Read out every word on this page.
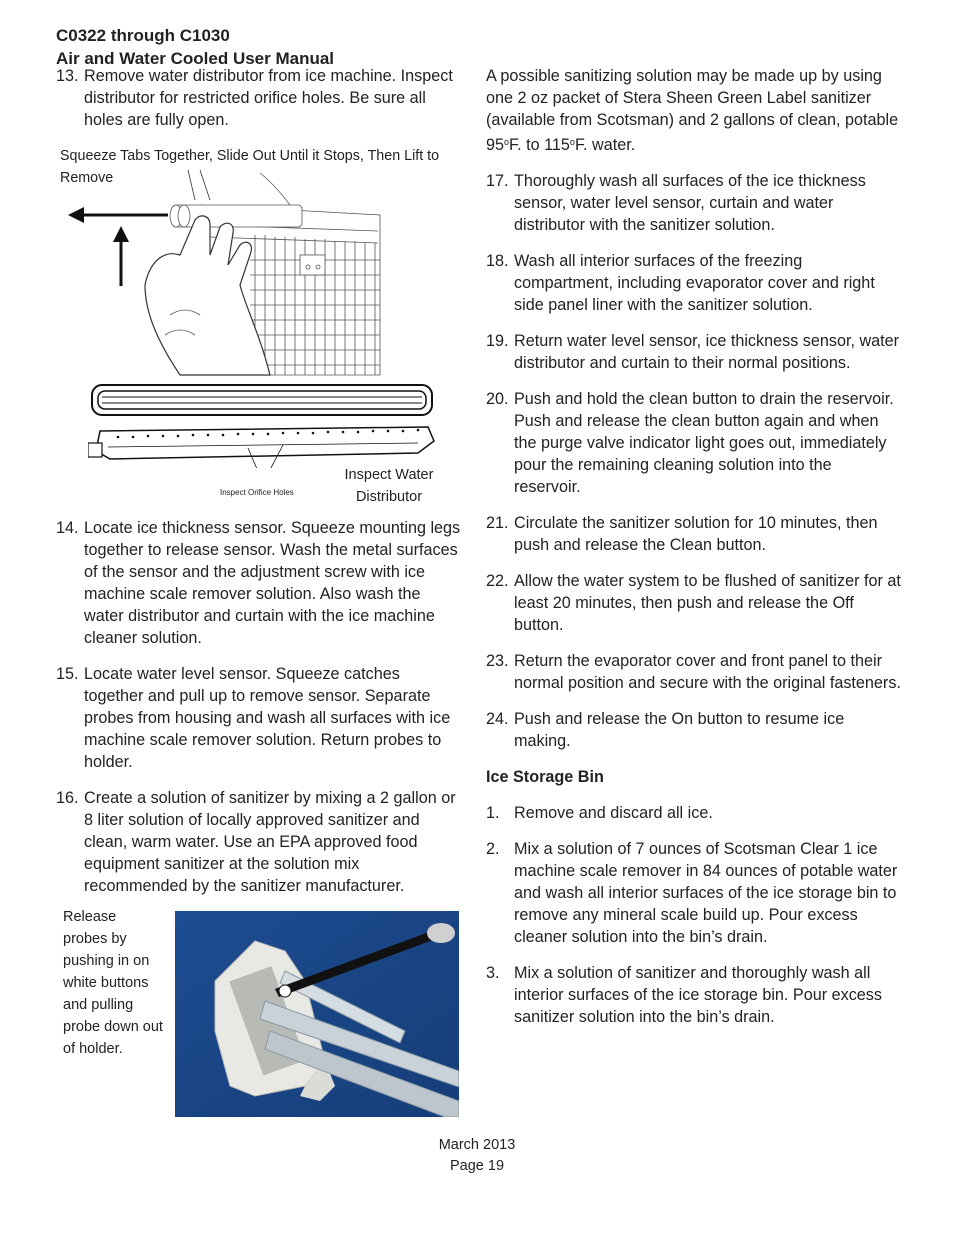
C0322 through C1030
Air and Water Cooled User Manual
13. Remove water distributor from ice machine. Inspect distributor for restricted orifice holes. Be sure all holes are fully open.
Squeeze Tabs Together, Slide Out Until it Stops, Then Lift to Remove
Inspect Water Distributor
Inspect Orifice Holes
14. Locate ice thickness sensor. Squeeze mounting legs together to release sensor. Wash the metal surfaces of the sensor and the adjustment screw with ice machine scale remover solution. Also wash the water distributor and curtain with the ice machine cleaner solution.
15. Locate water level sensor. Squeeze catches together and pull up to remove sensor. Separate probes from housing and wash all surfaces with ice machine scale remover solution. Return probes to holder.
16. Create a solution of sanitizer by mixing a 2 gallon or 8 liter solution of locally approved sanitizer and clean, warm water. Use an EPA approved food equipment sanitizer at the solution mix recommended by the sanitizer manufacturer.
Release probes by pushing in on white buttons and pulling probe down out of holder.
A possible sanitizing solution may be made up by using one 2 oz packet of Stera Sheen Green Label sanitizer (available from Scotsman) and 2 gallons of clean, potable 95$^o$F. to 115$^o$F. water.
17. Thoroughly wash all surfaces of the ice thickness sensor, water level sensor, curtain and water distributor with the sanitizer solution.
18. Wash all interior surfaces of the freezing compartment, including evaporator cover and right side panel liner with the sanitizer solution.
19. Return water level sensor, ice thickness sensor, water distributor and curtain to their normal positions.
20. Push and hold the clean button to drain the reservoir. Push and release the clean button again and when the purge valve indicator light goes out, immediately pour the remaining cleaning solution into the reservoir.
21. Circulate the sanitizer solution for 10 minutes, then push and release the Clean button.
22. Allow the water system to be flushed of sanitizer for at least 20 minutes, then push and release the Off button.
23. Return the evaporator cover and front panel to their normal position and secure with the original fasteners.
24. Push and release the On button to resume ice making.
Ice Storage Bin
1. Remove and discard all ice.
2. Mix a solution of 7 ounces of Scotsman Clear 1 ice machine scale remover in 84 ounces of potable water and wash all interior surfaces of the ice storage bin to remove any mineral scale build up. Pour excess cleaner solution into the bin’s drain.
3. Mix a solution of sanitizer and thoroughly wash all interior surfaces of the ice storage bin. Pour excess sanitizer solution into the bin’s drain.
March 2013
Page 19
